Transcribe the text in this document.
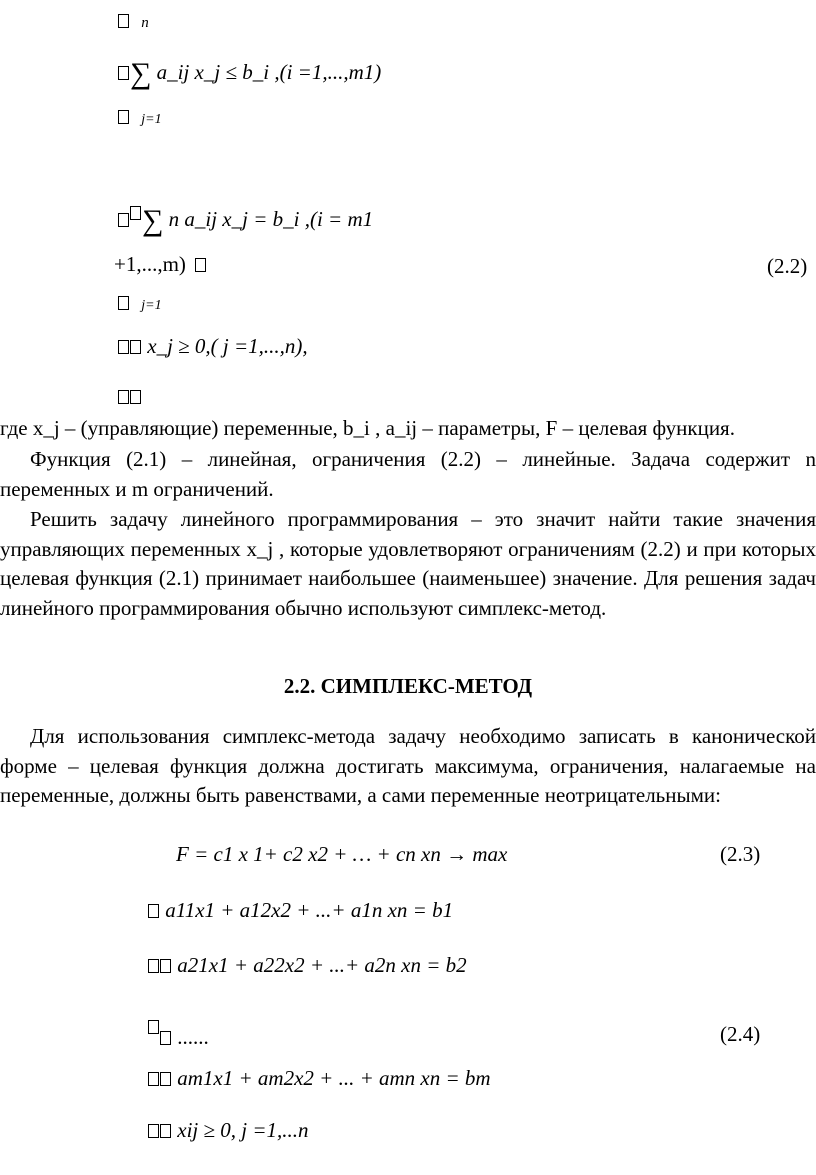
n
∑ a_ij x_j ≤ b_i ,(i =1,...,m1)
j=1
∑ n a_ij x_j = b_i ,(i = m1
+1,...,m)	(2.2)
j=1
x_j ≥ 0,( j =1,...,n),
где x_j – (управляющие) переменные, b_i , a_ij – параметры, F – целевая функция.
Функция (2.1) – линейная, ограничения (2.2) – линейные. Задача содержит n переменных и m ограничений.
Решить задачу линейного программирования – это значит найти такие значения управляющих переменных x_j , которые удовлетворяют ограничениям (2.2) и при которых целевая функция (2.1) принимает наибольшее (наименьшее) значение. Для решения задач линейного программирования обычно используют симплекс-метод.
2.2. СИМПЛЕКС-МЕТОД
Для использования симплекс-метода задачу необходимо записать в канонической форме – целевая функция должна достигать максимума, ограничения, налагаемые на переменные, должны быть равенствами, а сами переменные неотрицательными:
F = c1 x 1+ c2 x2 + … + cn xn → max	(2.3)
a11x1 + a12x2 + ...+ a1n xn = b1
a21x1 + a22x2 + ...+ a2n xn = b2
......	(2.4)
am1x1 + am2x2 + ... + amn xn = bm
xij ≥ 0, j =1,...n
